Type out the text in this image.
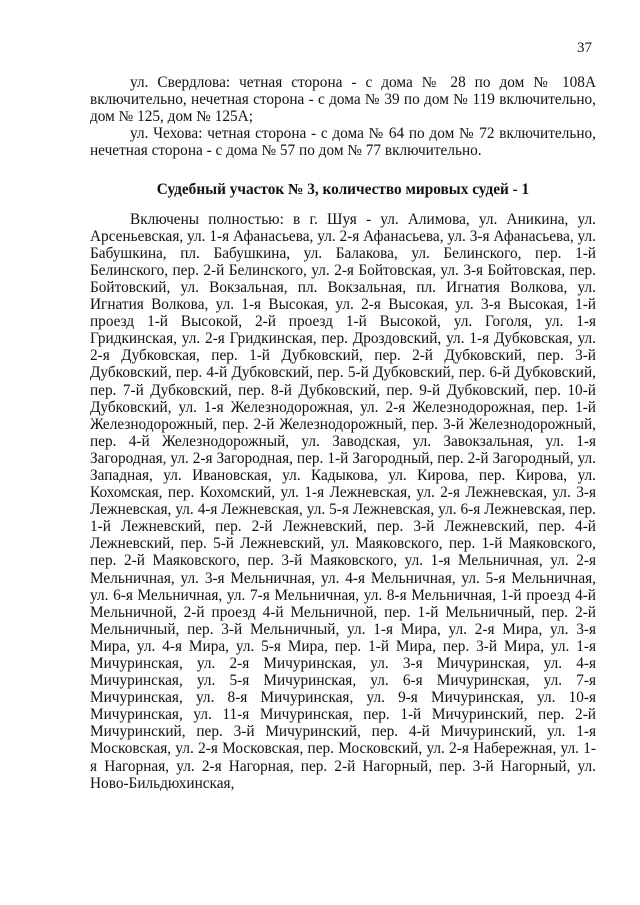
37

ул. Свердлова: четная сторона - с дома № 28 по дом № 108А включительно, нечетная сторона - с дома № 39 по дом № 119 включительно, дом № 125, дом № 125А;

ул. Чехова: четная сторона - с дома № 64 по дом № 72 включительно, нечетная сторона - с дома № 57 по дом № 77 включительно.

Судебный участок № 3, количество мировых судей - 1

Включены полностью: в г. Шуя - ул. Алимова, ул. Аникина, ул. Арсеньевская, ул. 1-я Афанасьева, ул. 2-я Афанасьева, ул. 3-я Афанасьева, ул. Бабушкина, пл. Бабушкина, ул. Балакова, ул. Белинского, пер. 1-й Белинского, пер. 2-й Белинского, ул. 2-я Бойтовская, ул. 3-я Бойтовская, пер. Бойтовский, ул. Вокзальная, пл. Вокзальная, пл. Игнатия Волкова, ул. Игнатия Волкова, ул. 1-я Высокая, ул. 2-я Высокая, ул. 3-я Высокая, 1-й проезд 1-й Высокой, 2-й проезд 1-й Высокой, ул. Гоголя, ул. 1-я Гридкинская, ул. 2-я Гридкинская, пер. Дроздовский, ул. 1-я Дубковская, ул. 2-я Дубковская, пер. 1-й Дубковский, пер. 2-й Дубковский, пер. 3-й Дубковский, пер. 4-й Дубковский, пер. 5-й Дубковский, пер. 6-й Дубковский, пер. 7-й Дубковский, пер. 8-й Дубковский, пер. 9-й Дубковский, пер. 10-й Дубковский, ул. 1-я Железнодорожная, ул. 2-я Железнодорожная, пер. 1-й Железнодорожный, пер. 2-й Железнодорожный, пер. 3-й Железнодорожный, пер. 4-й Железнодорожный, ул. Заводская, ул. Завокзальная, ул. 1-я Загородная, ул. 2-я Загородная, пер. 1-й Загородный, пер. 2-й Загородный, ул. Западная, ул. Ивановская, ул. Кадыкова, ул. Кирова, пер. Кирова, ул. Кохомская, пер. Кохомский, ул. 1-я Лежневская, ул. 2-я Лежневская, ул. 3-я Лежневская, ул. 4-я Лежневская, ул. 5-я Лежневская, ул. 6-я Лежневская, пер. 1-й Лежневский, пер. 2-й Лежневский, пер. 3-й Лежневский, пер. 4-й Лежневский, пер. 5-й Лежневский, ул. Маяковского, пер. 1-й Маяковского, пер. 2-й Маяковского, пер. 3-й Маяковского, ул. 1-я Мельничная, ул. 2-я Мельничная, ул. 3-я Мельничная, ул. 4-я Мельничная, ул. 5-я Мельничная, ул. 6-я Мельничная, ул. 7-я Мельничная, ул. 8-я Мельничная, 1-й проезд 4-й Мельничной, 2-й проезд 4-й Мельничной, пер. 1-й Мельничный, пер. 2-й Мельничный, пер. 3-й Мельничный, ул. 1-я Мира, ул. 2-я Мира, ул. 3-я Мира, ул. 4-я Мира, ул. 5-я Мира, пер. 1-й Мира, пер. 3-й Мира, ул. 1-я Мичуринская, ул. 2-я Мичуринская, ул. 3-я Мичуринская, ул. 4-я Мичуринская, ул. 5-я Мичуринская, ул. 6-я Мичуринская, ул. 7-я Мичуринская, ул. 8-я Мичуринская, ул. 9-я Мичуринская, ул. 10-я Мичуринская, ул. 11-я Мичуринская, пер. 1-й Мичуринский, пер. 2-й Мичуринский, пер. 3-й Мичуринский, пер. 4-й Мичуринский, ул. 1-я Московская, ул. 2-я Московская, пер. Московский, ул. 2-я Набережная, ул. 1-я Нагорная, ул. 2-я Нагорная, пер. 2-й Нагорный, пер. 3-й Нагорный, ул. Ново-Бильдюхинская,
